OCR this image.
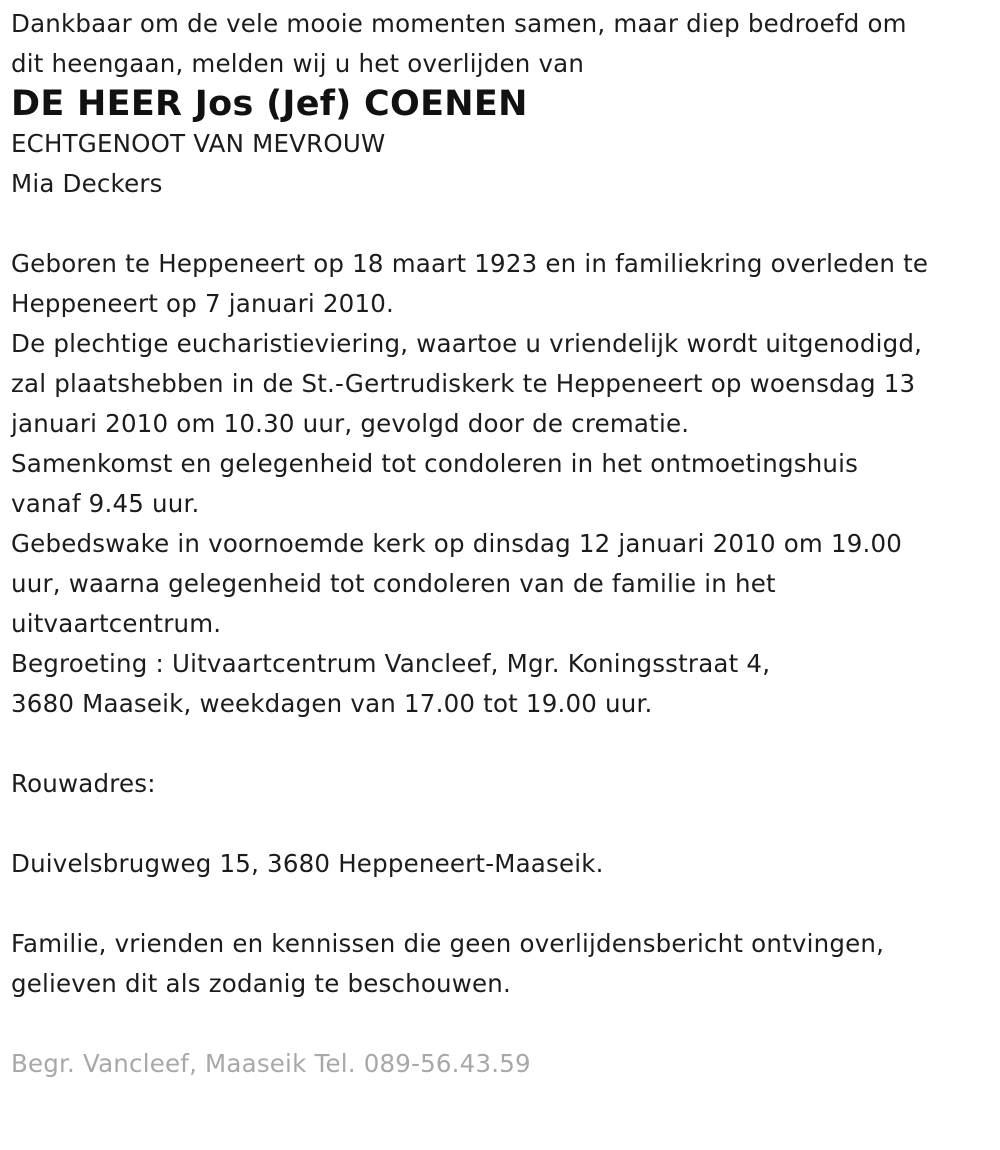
Dankbaar om de vele mooie momenten samen, maar diep bedroefd om

dit heengaan, melden wij u het overlijden van

DE HEER Jos (Jef) COENEN

ECHTGENOOT VAN MEVROUW

Mia Deckers

Geboren te Heppeneert op 18 maart 1923 en in familiekring overleden te

Heppeneert op 7 januari 2010.

De plechtige eucharistieviering, waartoe u vriendelijk wordt uitgenodigd,

zal plaatshebben in de St.-Gertrudiskerk te Heppeneert op woensdag 13

januari 2010 om 10.30 uur, gevolgd door de crematie.

Samenkomst en gelegenheid tot condoleren in het ontmoetingshuis

vanaf 9.45 uur.

Gebedswake in voornoemde kerk op dinsdag 12 januari 2010 om 19.00

uur, waarna gelegenheid tot condoleren van de familie in het

uitvaartcentrum.

Begroeting : Uitvaartcentrum Vancleef, Mgr. Koningsstraat 4,

3680 Maaseik, weekdagen van 17.00 tot 19.00 uur.

Rouwadres:

Duivelsbrugweg 15, 3680 Heppeneert-Maaseik.

Familie, vrienden en kennissen die geen overlijdensbericht ontvingen,

gelieven dit als zodanig te beschouwen.

Begr. Vancleef, Maaseik Tel. 089-56.43.59
